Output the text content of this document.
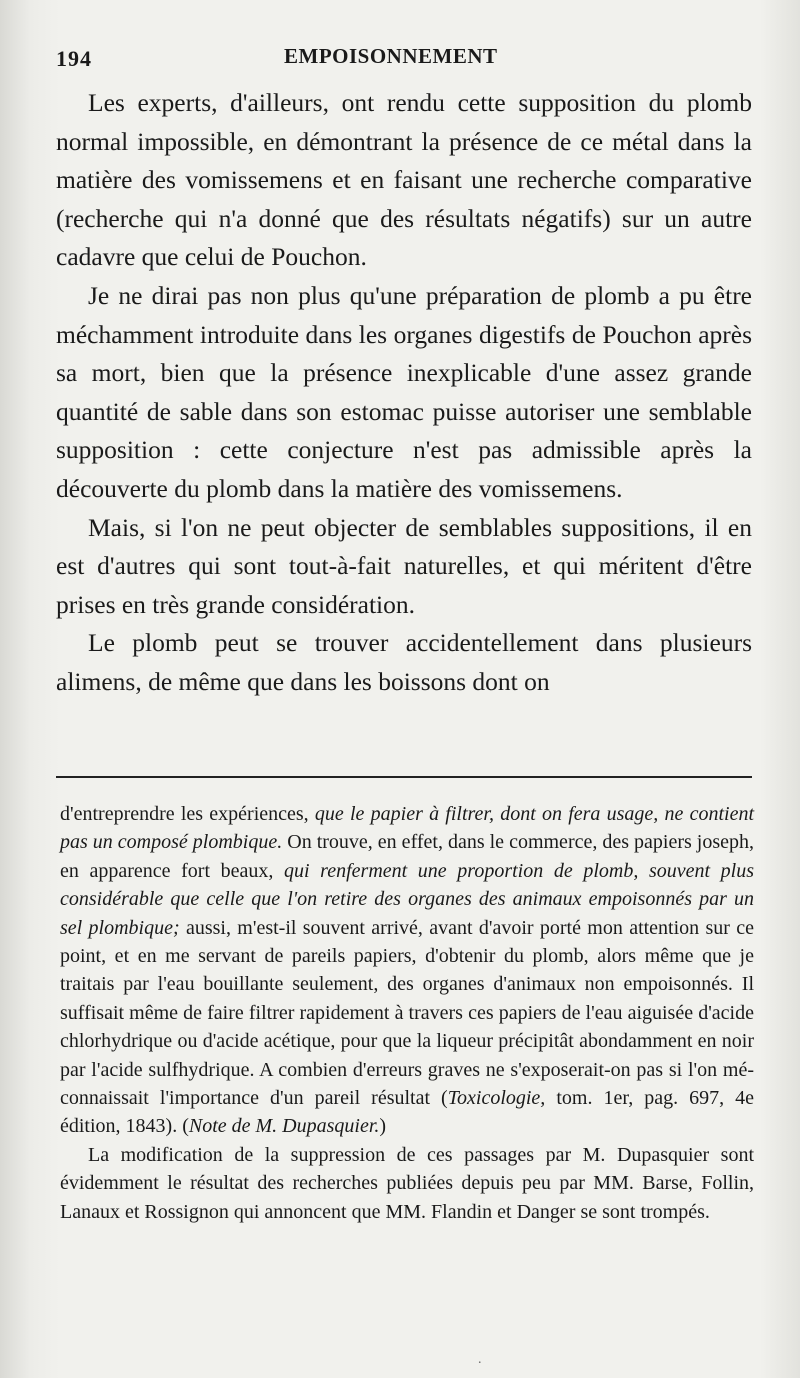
194	EMPOISONNEMENT

Les experts, d'ailleurs, ont rendu cette supposition du plomb normal impossible, en démontrant la présence de ce métal dans la matière des vomissemens et en faisant une recherche comparative (recherche qui n'a donné que des résultats négatifs) sur un autre cadavre que celui de Pouchon.

Je ne dirai pas non plus qu'une préparation de plomb a pu être méchamment introduite dans les organes digestifs de Pouchon après sa mort, bien que la présence inexplicable d'une assez grande quantité de sable dans son estomac puisse autoriser une semblable supposition : cette conjecture n'est pas admissible après la découverte du plomb dans la matière des vomissemens.

Mais, si l'on ne peut objecter de semblables suppositions, il en est d'autres qui sont tout-à-fait naturelles, et qui méritent d'être prises en très grande considération.

Le plomb peut se trouver accidentellement dans plusieurs alimens, de même que dans les boissons dont on

d'entreprendre les expériences, que le papier à filtrer, dont on fera usage, ne contient pas un composé plombique. On trouve, en effet, dans le commerce, des papiers joseph, en apparence fort beaux, qui renferment une proportion de plomb, souvent plus considérable que celle que l'on retire des organes des animaux empoisonnés par un sel plombique; aussi, m'est-il souvent arrivé, avant d'avoir porté mon attention sur ce point, et en me servant de pareils papiers, d'obtenir du plomb, alors même que je traitais par l'eau bouillante seulement, des organes d'animaux non empoisonnés. Il suffisait même de faire filtrer rapidement à travers ces papiers de l'eau aiguisée d'acide chlorhydrique ou d'acide acétique, pour que la liqueur précipitât abondamment en noir par l'acide sulfhydrique. A combien d'erreurs graves ne s'exposerait-on pas si l'on méconnaissait l'importance d'un pareil résultat (Toxicologie, tom. 1er, pag. 697, 4e édition, 1843). (Note de M. Dupasquier.)

La modification de la suppression de ces passages par M. Dupasquier sont évidemment le résultat des recherches publiées depuis peu par MM. Barse, Follin, Lanaux et Rossignon qui annoncent que MM. Flandin et Danger se sont trompés.

.
